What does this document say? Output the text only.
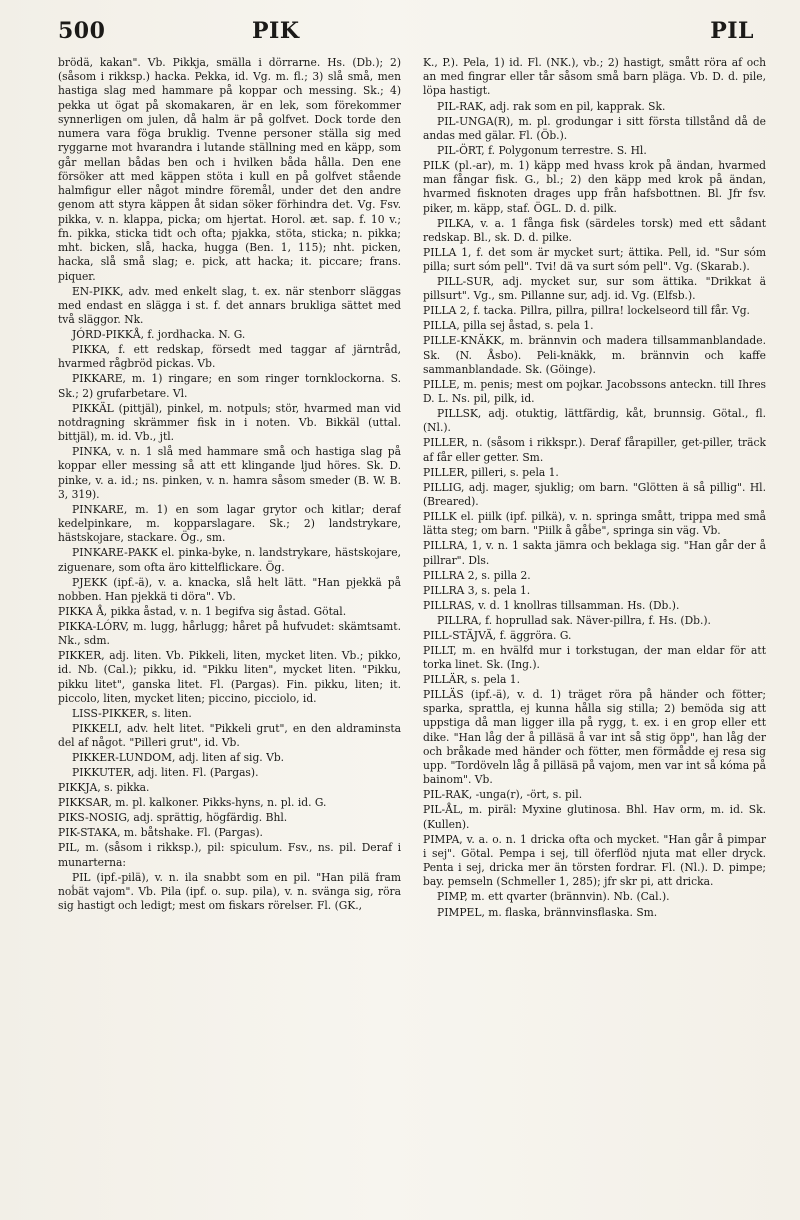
500	PIK	PIL

brödä, kakan". Vb. Pikkja, smälla i dörrarne. Hs. (Db.); 2) (såsom i rikksp.) hacka. Pekka, id. Vg. m. fl.; 3) slå små, men hastiga slag med hammare på koppar och messing. Sk.; 4) pekka ut ögat på skomakaren, är en lek, som förekommer synnerligen om julen, då halm är på golfvet. Dock torde den numera vara föga bruklig. Tvenne personer ställa sig med ryggarne mot hvarandra i lutande ställning med en käpp, som går mellan bådas ben och i hvilken båda hålla. Den ene försöker att med käppen stöta i kull en på golfvet stående halmfigur eller något mindre föremål, under det den andre genom att styra käppen åt sidan söker förhindra det. Vg. Fsv. pikka, v. n. klappa, picka; om hjertat. Horol. æt. sap. f. 10 v.; fn. pikka, sticka tidt och ofta; pjakka, stöta, sticka; n. pikka; mht. bicken, slå, hacka, hugga (Ben. 1, 115); nht. picken, hacka, slå små slag; e. pick, att hacka; it. piccare; frans. piquer.

EN-PIKK, adv. med enkelt slag, t. ex. när stenborr släggas med endast en slägga i st. f. det annars brukliga sättet med två släggor. Nk.

JÓRD-PIKKÅ, f. jordhacka. N. G.

PIKKA, f. ett redskap, försedt med taggar af järntråd, hvarmed rågbröd pickas. Vb.

PIKKARE, m. 1) ringare; en som ringer tornklockorna. S. Sk.; 2) grufarbetare. Vl.

PIKKÄL (pittjäl), pinkel, m. notpuls; stör, hvarmed man vid notdragning skrämmer fisk in i noten. Vb. Bikkäl (uttal. bittjäl), m. id. Vb., jtl.

PINKA, v. n. 1 slå med hammare små och hastiga slag på koppar eller messing så att ett klingande ljud höres. Sk. D. pinke, v. a. id.; ns. pinken, v. n. hamra såsom smeder (B. W. B. 3, 319).

PINKARE, m. 1) en som lagar grytor och kitlar; deraf kedelpinkare, m. kopparslagare. Sk.; 2) landstrykare, hästskojare, stackare. Ög., sm.

PINKARE-PAKK el. pinka-byke, n. landstrykare, hästskojare, ziguenare, som ofta äro kittelflickare. Ög.

PJEKK (ipf.-ä), v. a. knacka, slå helt lätt. "Han pjekkä på nobben. Han pjekkä ti döra". Vb.

PIKKA Å, pikka åstad, v. n. 1 begifva sig åstad. Götal.

PIKKA-LÓRV, m. lugg, hårlugg; håret på hufvudet: skämtsamt. Nk., sdm.

PIKKER, adj. liten. Vb. Pikkeli, liten, mycket liten. Vb.; pikko, id. Nb. (Cal.); pikku, id. "Pikku liten", mycket liten. "Pikku, pikku litet", ganska litet. Fl. (Pargas). Fin. pikku, liten; it. piccolo, liten, mycket liten; piccino, picciolo, id.

LISS-PIKKER, s. liten.

PIKKELI, adv. helt litet. "Pikkeli grut", en den aldraminsta del af något. "Pilleri grut", id. Vb.

PIKKER-LUNDOM, adj. liten af sig. Vb.

PIKKUTER, adj. liten. Fl. (Pargas).

PIKKJA, s. pikka.

PIKKSAR, m. pl. kalkoner. Pikks-hyns, n. pl. id. G.

PIKS-NOSIG, adj. sprättig, högfärdig. Bhl.

PIK-STAKA, m. båtshake. Fl. (Pargas).

PIL, m. (såsom i rikksp.), pil: spiculum. Fsv., ns. pil. Deraf i munarterna:

PIL (ipf.-pilä), v. n. ila snabbt som en pil. "Han pilä fram noḃät vajom". Vb. Pila (ipf. o. sup. pila), v. n. svänga sig, röra sig hastigt och ledigt; mest om fiskars rörelser. Fl. (GK.,

K., P.). Pela, 1) id. Fl. (NK.), vb.; 2) hastigt, smått röra af och an med fingrar eller tår såsom små barn pläga. Vb. D. d. pile, löpa hastigt.

PIL-RAK, adj. rak som en pil, kapprak. Sk.

PIL-UNGA(R), m. pl. grodungar i sitt första tillstånd då de andas med gälar. Fl. (Öb.).

PIL-ÖRT, f. Polygonum terrestre. S. Hl.

PILK (pl.-ar), m. 1) käpp med hvass krok på ändan, hvarmed man fångar fisk. G., bl.; 2) den käpp med krok på ändan, hvarmed fisknoten drages upp från hafsbottnen. Bl. Jfr fsv. piker, m. käpp, staf. ÖGL. D. d. pilk.

PILKA, v. a. 1 fånga fisk (särdeles torsk) med ett sådant redskap. Bl., sk. D. d. pilke.

PILLA 1, f. det som är mycket surt; ättika. Pell, id. "Sur sóm pilla; surt sóm pell". Tvi! dä va surt sóm pell". Vg. (Skarab.).

PILL-SUR, adj. mycket sur, sur som ättika. "Drikkat ä pillsurt". Vg., sm. Pillanne sur, adj. id. Vg. (Elfsb.).

PILLA 2, f. tacka. Pillra, pillra, pillra! lockelseord till får. Vg.

PILLA, pilla sej åstad, s. pela 1.

PILLE-KNÄKK, m. brännvin och madera tillsammanblandade. Sk. (N. Åsbo). Peli-knäkk, m. brännvin och kaffe sammanblandade. Sk. (Göinge).

PILLE, m. penis; mest om pojkar. Jacobssons anteckn. till Ihres D. L. Ns. pil, pilk, id.

PILLSK, adj. otuktig, lättfärdig, kåt, brunnsig. Götal., fl. (Nl.).

PILLER, n. (såsom i rikkspr.). Deraf fårapiller, get-piller, träck af får eller getter. Sm.

PILLER, pilleri, s. pela 1.

PILLIG, adj. mager, sjuklig; om barn. "Glötten ä så pillig". Hl. (Breared).

PILLK el. piilk (ipf. pilkä), v. n. springa smått, trippa med små lätta steg; om barn. "Piilk å gåḃe", springa sin väg. Vb.

PILLRA, 1, v. n. 1 sakta jämra och beklaga sig. "Han går der å pillrar". Dls.

PILLRA 2, s. pilla 2.

PILLRA 3, s. pela 1.

PILLRAS, v. d. 1 knollras tillsamman. Hs. (Db.).

PILLRA, f. hoprullad sak. Näver-pillra, f. Hs. (Db.).

PILL-STÄJVÄ, f. äggröra. G.

PILLT, m. en hvälfd mur i torkstugan, der man eldar för att torka linet. Sk. (Ing.).

PILLÄR, s. pela 1.

PILLÄS (ipf.-ä), v. d. 1) träget röra på händer och fötter; sparka, sprattla, ej kunna hålla sig stilla; 2) bemöda sig att uppstiga då man ligger illa på rygg, t. ex. i en grop eller ett dike. "Han låg der å pilläsä å var int så stig öpp", han låg der och bråkade med händer och fötter, men förmådde ej resa sig upp. "Tordöveln låg å pilläsä på vajom, men var int så kóma på bainom". Vb.

PIL-RAK, -unga(r), -ört, s. pil.

PIL-ÅL, m. piräl: Myxine glutinosa. Bhl. Hav orm, m. id. Sk. (Kullen).

PIMPA, v. a. o. n. 1 dricka ofta och mycket. "Han går å pimpar i sej". Götal. Pempa i sej, till öferflöd njuta mat eller dryck. Penta i sej, dricka mer än törsten fordrar. Fl. (Nl.). D. pimpe; bay. pemseln (Schmeller 1, 285); jfr skr pi, att dricka.

PIMP, m. ett qvarter (brännvin). Nb. (Cal.).

PIMPEL, m. flaska, brännvinsflaska. Sm.
